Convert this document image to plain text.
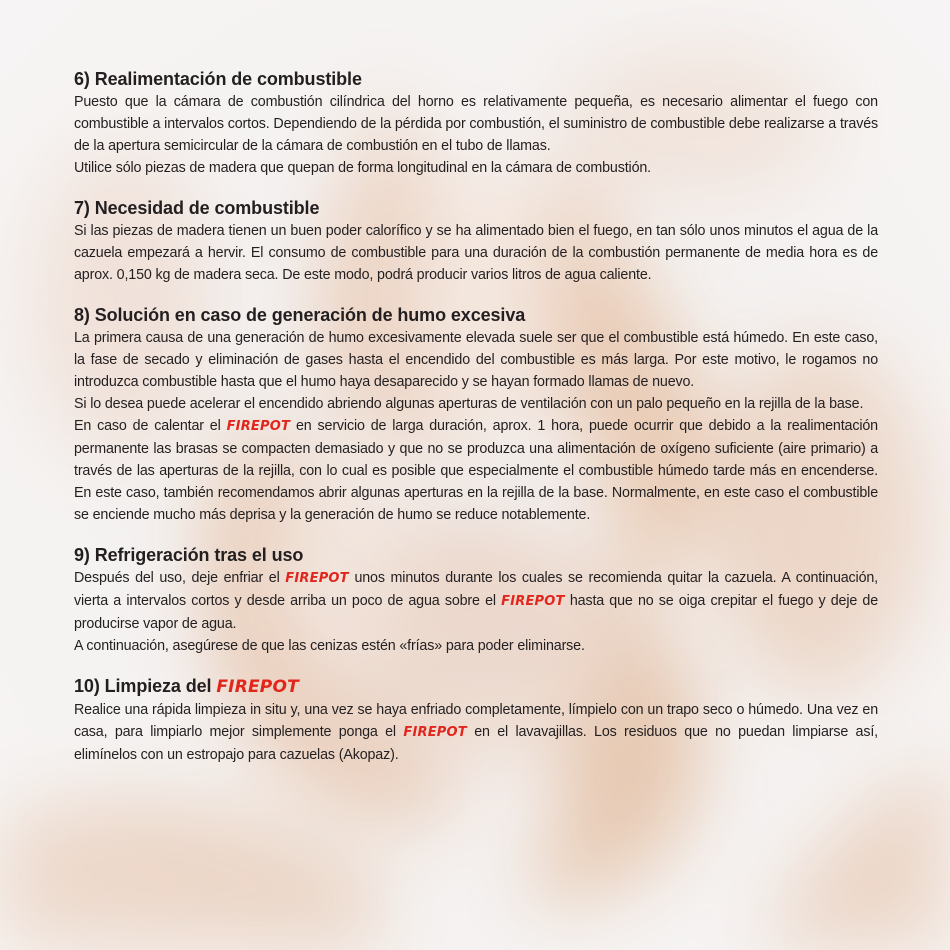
6) Realimentación de combustible

Puesto que la cámara de combustión cilíndrica del horno es relativamente pequeña, es necesario alimentar el fuego con combustible a intervalos cortos. Dependiendo de la pérdida por combustión, el suministro de combustible debe realizarse a través de la apertura semicircular de la cámara de combustión en el tubo de llamas.

Utilice sólo piezas de madera que quepan de forma longitudinal en la cámara de combustión.

7) Necesidad de combustible

Si las piezas de madera tienen un buen poder calorífico y se ha alimentado bien el fuego, en tan sólo unos minutos el agua de la cazuela empezará a hervir. El consumo de combustible para una duración de la combustión permanente de media hora es de aprox. 0,150 kg de madera seca. De este modo, podrá producir varios litros de agua caliente.

8) Solución en caso de generación de humo excesiva

La primera causa de una generación de humo excesivamente elevada suele ser que el combustible está húmedo. En este caso, la fase de secado y eliminación de gases hasta el encendido del combustible es más larga. Por este motivo, le rogamos no introduzca combustible hasta que el humo haya desaparecido y se hayan formado llamas de nuevo.

Si lo desea puede acelerar el encendido abriendo algunas aperturas de ventilación con un palo pequeño en la rejilla de la base.

En caso de calentar el FIREPOT en servicio de larga duración, aprox. 1 hora, puede ocurrir que debido a la realimentación permanente las brasas se compacten demasiado y que no se produzca una alimentación de oxígeno suficiente (aire primario) a través de las aperturas de la rejilla, con lo cual es posible que especialmente el combustible húmedo tarde más en encenderse. En este caso, también recomendamos abrir algunas aperturas en la rejilla de la base. Normalmente, en este caso el combustible se enciende mucho más deprisa y la generación de humo se reduce notablemente.

9) Refrigeración tras el uso

Después del uso, deje enfriar el FIREPOT unos minutos durante los cuales se recomienda quitar la cazuela. A continuación, vierta a intervalos cortos y desde arriba un poco de agua sobre el FIREPOT hasta que no se oiga crepitar el fuego y deje de producirse vapor de agua.

A continuación, asegúrese de que las cenizas estén «frías» para poder eliminarse.

10) Limpieza del FIREPOT

Realice una rápida limpieza in situ y, una vez se haya enfriado completamente, límpielo con un trapo seco o húmedo. Una vez en casa, para limpiarlo mejor simplemente ponga el FIREPOT en el lavavajillas. Los residuos que no puedan limpiarse así, elimínelos con un estropajo para cazuelas (Akopaz).
